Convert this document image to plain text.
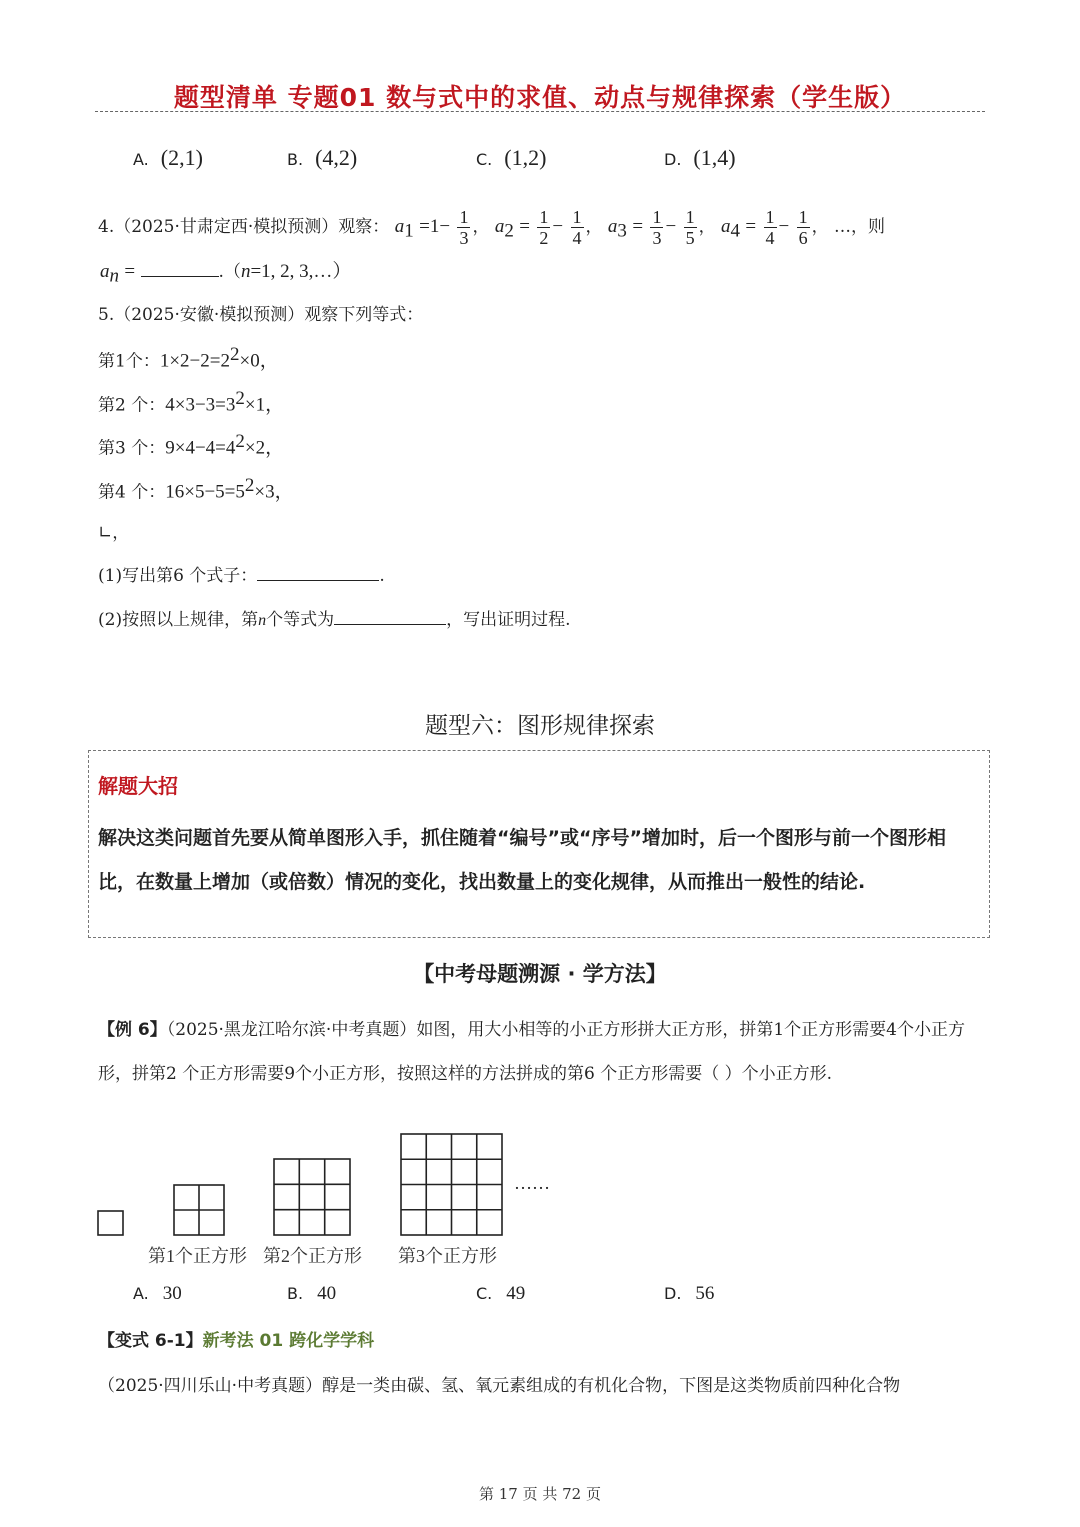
题型清单 专题01 数与式中的求值、动点与规律探索（学生版）
A. (2,1)	B. (4,2)	C. (1,2)	D. (1,4)
4.（2025·甘肃定西·模拟预测）观察： $a_1 =1- \frac{1}{3}$ ， $a_2 = \frac{1}{2} - \frac{1}{4}$ ， $a_3 = \frac{1}{3} - \frac{1}{5}$ ， $a_4 = \frac{1}{4} - \frac{1}{6}$ ， …，则
$a_n$ =	.（n=1, 2, 3,…）
5.（2025·安徽·模拟预测）观察下列等式：
第1个：$1\times 2-2=2^2\times 0$，
第2 个：$4\times 3-3=3^2\times 1$，
第3 个：$9\times 4-4=4^2\times 2$，
第4 个：$16\times 5-5=5^2\times 3$，
∟，
(1)写出第6 个式子：	.
(2)按照以上规律，第n个等式为	，写出证明过程.
题型六：图形规律探索
解题大招
解决这类问题首先要从简单图形入手，抓住随着“编号”或“序号”增加时，后一个图形与前一个图形相比，在数量上增加（或倍数）情况的变化，找出数量上的变化规律，从而推出一般性的结论.
【中考母题溯源 · 学方法】
【例 6】（2025·黑龙江哈尔滨·中考真题）如图，用大小相等的小正方形拼大正方形，拼第1个正方形需要4个小正方形，拼第2 个正方形需要9个小正方形，按照这样的方法拼成的第6 个正方形需要（ ）个小正方形.
……
第1个正方形 第2个正方形 第3个正方形
A. 30	B. 40	C. 49	D. 56
【变式 6-1】新考法 01 跨化学学科
（2025·四川乐山·中考真题）醇是一类由碳、氢、氧元素组成的有机化合物，下图是这类物质前四种化合物
第 17 页 共 72 页
